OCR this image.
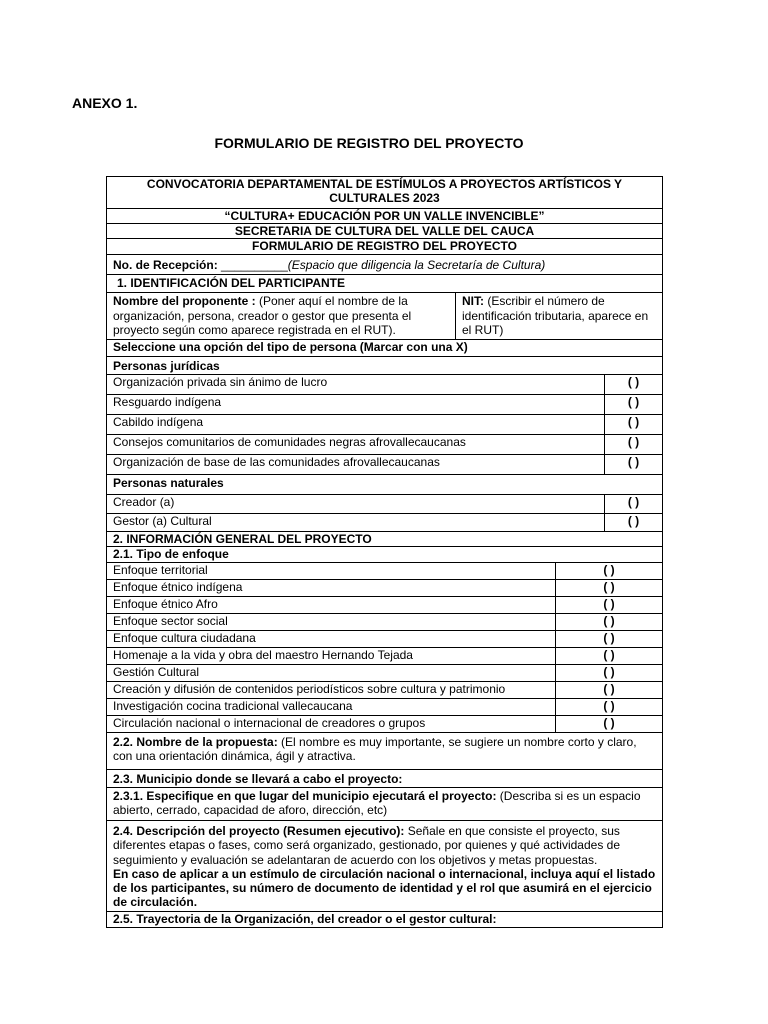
ANEXO 1.
FORMULARIO DE REGISTRO DEL PROYECTO
CONVOCATORIA DEPARTAMENTAL DE ESTÍMULOS A PROYECTOS ARTÍSTICOS Y CULTURALES 2023		
“CULTURA+ EDUCACIÓN POR UN VALLE INVENCIBLE”		
SECRETARIA DE CULTURA DEL VALLE DEL CAUCA		
FORMULARIO DE REGISTRO DEL PROYECTO		
No. de Recepción: __________(Espacio que diligencia la Secretaría de Cultura)		
1. IDENTIFICACIÓN DEL PARTICIPANTE		
Nombre del proponente : (Poner aquí el nombre de la organización, persona, creador o gestor que presenta el proyecto según como aparece registrada en el RUT).	NIT: (Escribir el número de identificación tributaria, aparece en el RUT)	
Seleccione una opción del tipo de persona (Marcar con una X)		
Personas jurídicas		
Organización privada sin ánimo de lucro		( )
Resguardo indígena		( )
Cabildo indígena		( )
Consejos comunitarios de comunidades negras afrovallecaucanas		( )
Organización de base de las comunidades afrovallecaucanas		( )
Personas naturales		
Creador (a)		( )
Gestor (a) Cultural		( )
2. INFORMACIÓN GENERAL DEL PROYECTO	
2.1. Tipo de enfoque	
Enfoque territorial	( )
Enfoque étnico indígena	( )
Enfoque étnico Afro	( )
Enfoque sector social	( )
Enfoque cultura ciudadana	( )
Homenaje a la vida y obra del maestro Hernando Tejada	( )
Gestión Cultural	( )
Creación y difusión de contenidos periodísticos sobre cultura y patrimonio	( )
Investigación cocina tradicional vallecaucana	( )
Circulación nacional o internacional de creadores o grupos	( )
2.2. Nombre de la propuesta: (El nombre es muy importante, se sugiere un nombre corto y claro, con una orientación dinámica, ágil y atractiva.	
2.3. Municipio donde se llevará a cabo el proyecto:	
2.3.1. Especifique en que lugar del municipio ejecutará el proyecto: (Describa si es un espacio abierto, cerrado, capacidad de aforo, dirección, etc)	
2.4. Descripción del proyecto (Resumen ejecutivo): Señale en que consiste el proyecto, sus diferentes etapas o fases, como será organizado, gestionado, por quienes y qué actividades de seguimiento y evaluación se adelantaran de acuerdo con los objetivos y metas propuestas.
En caso de aplicar a un estímulo de circulación nacional o internacional, incluya aquí el listado de los participantes, su número de documento de identidad y el rol que asumirá en el ejercicio de circulación.	
2.5. Trayectoria de la Organización, del creador o el gestor cultural:	
